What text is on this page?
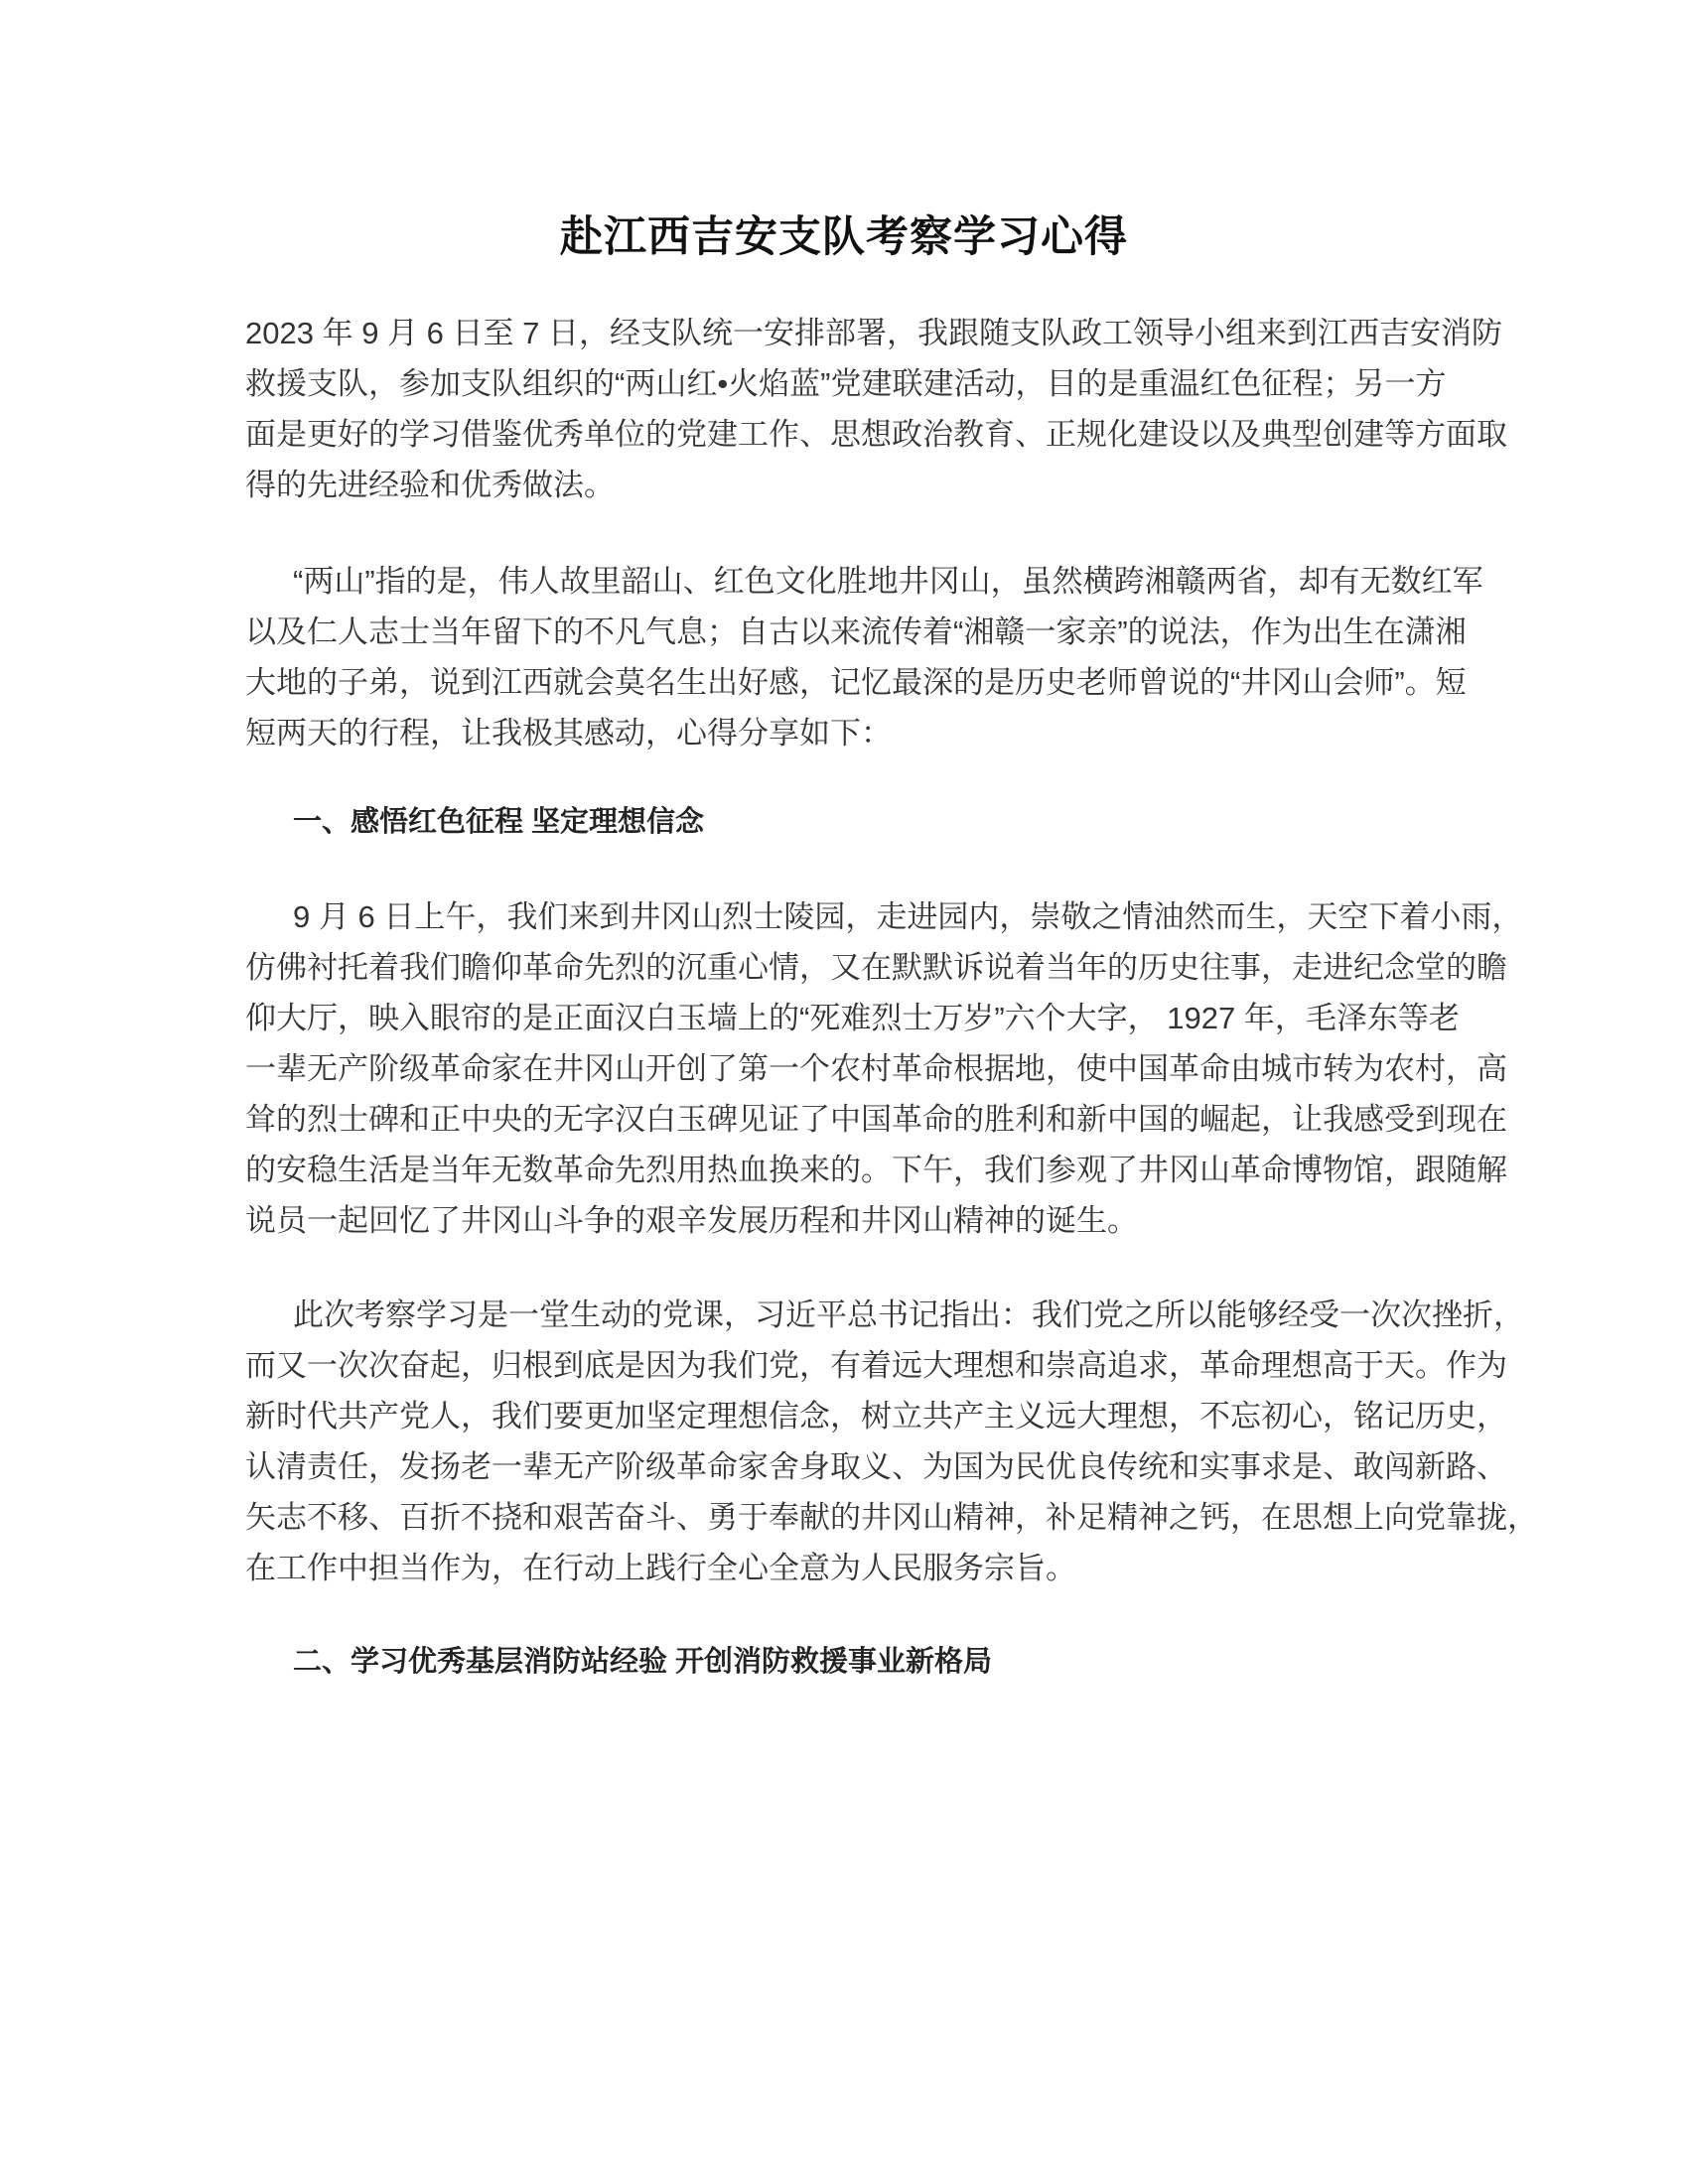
赴江西吉安支队考察学习心得
2023 年 9 月 6 日至 7 日，经支队统一安排部署，我跟随支队政工领导小组来到江西吉安消防
救援支队，参加支队组织的“两山红•火焰蓝”党建联建活动，目的是重温红色征程；另一方
面是更好的学习借鉴优秀单位的党建工作、思想政治教育、正规化建设以及典型创建等方面取
得的先进经验和优秀做法。
“两山”指的是，伟人故里韶山、红色文化胜地井冈山，虽然横跨湘赣两省，却有无数红军
以及仁人志士当年留下的不凡气息；自古以来流传着“湘赣一家亲”的说法，作为出生在潇湘
大地的子弟，说到江西就会莫名生出好感，记忆最深的是历史老师曾说的“井冈山会师”。短
短两天的行程，让我极其感动，心得分享如下：
一、感悟红色征程 坚定理想信念
9 月 6 日上午，我们来到井冈山烈士陵园，走进园内，崇敬之情油然而生，天空下着小雨，
仿佛衬托着我们瞻仰革命先烈的沉重心情，又在默默诉说着当年的历史往事，走进纪念堂的瞻
仰大厅，映入眼帘的是正面汉白玉墙上的“死难烈士万岁”六个大字， 1927 年，毛泽东等老
一辈无产阶级革命家在井冈山开创了第一个农村革命根据地，使中国革命由城市转为农村，高
耸的烈士碑和正中央的无字汉白玉碑见证了中国革命的胜利和新中国的崛起，让我感受到现在
的安稳生活是当年无数革命先烈用热血换来的。下午，我们参观了井冈山革命博物馆，跟随解
说员一起回忆了井冈山斗争的艰辛发展历程和井冈山精神的诞生。
此次考察学习是一堂生动的党课，习近平总书记指出：我们党之所以能够经受一次次挫折，
而又一次次奋起，归根到底是因为我们党，有着远大理想和崇高追求，革命理想高于天。作为
新时代共产党人，我们要更加坚定理想信念，树立共产主义远大理想，不忘初心，铭记历史，
认清责任，发扬老一辈无产阶级革命家舍身取义、为国为民优良传统和实事求是、敢闯新路、
矢志不移、百折不挠和艰苦奋斗、勇于奉献的井冈山精神，补足精神之钙，在思想上向党靠拢，
在工作中担当作为，在行动上践行全心全意为人民服务宗旨。
二、学习优秀基层消防站经验 开创消防救援事业新格局
